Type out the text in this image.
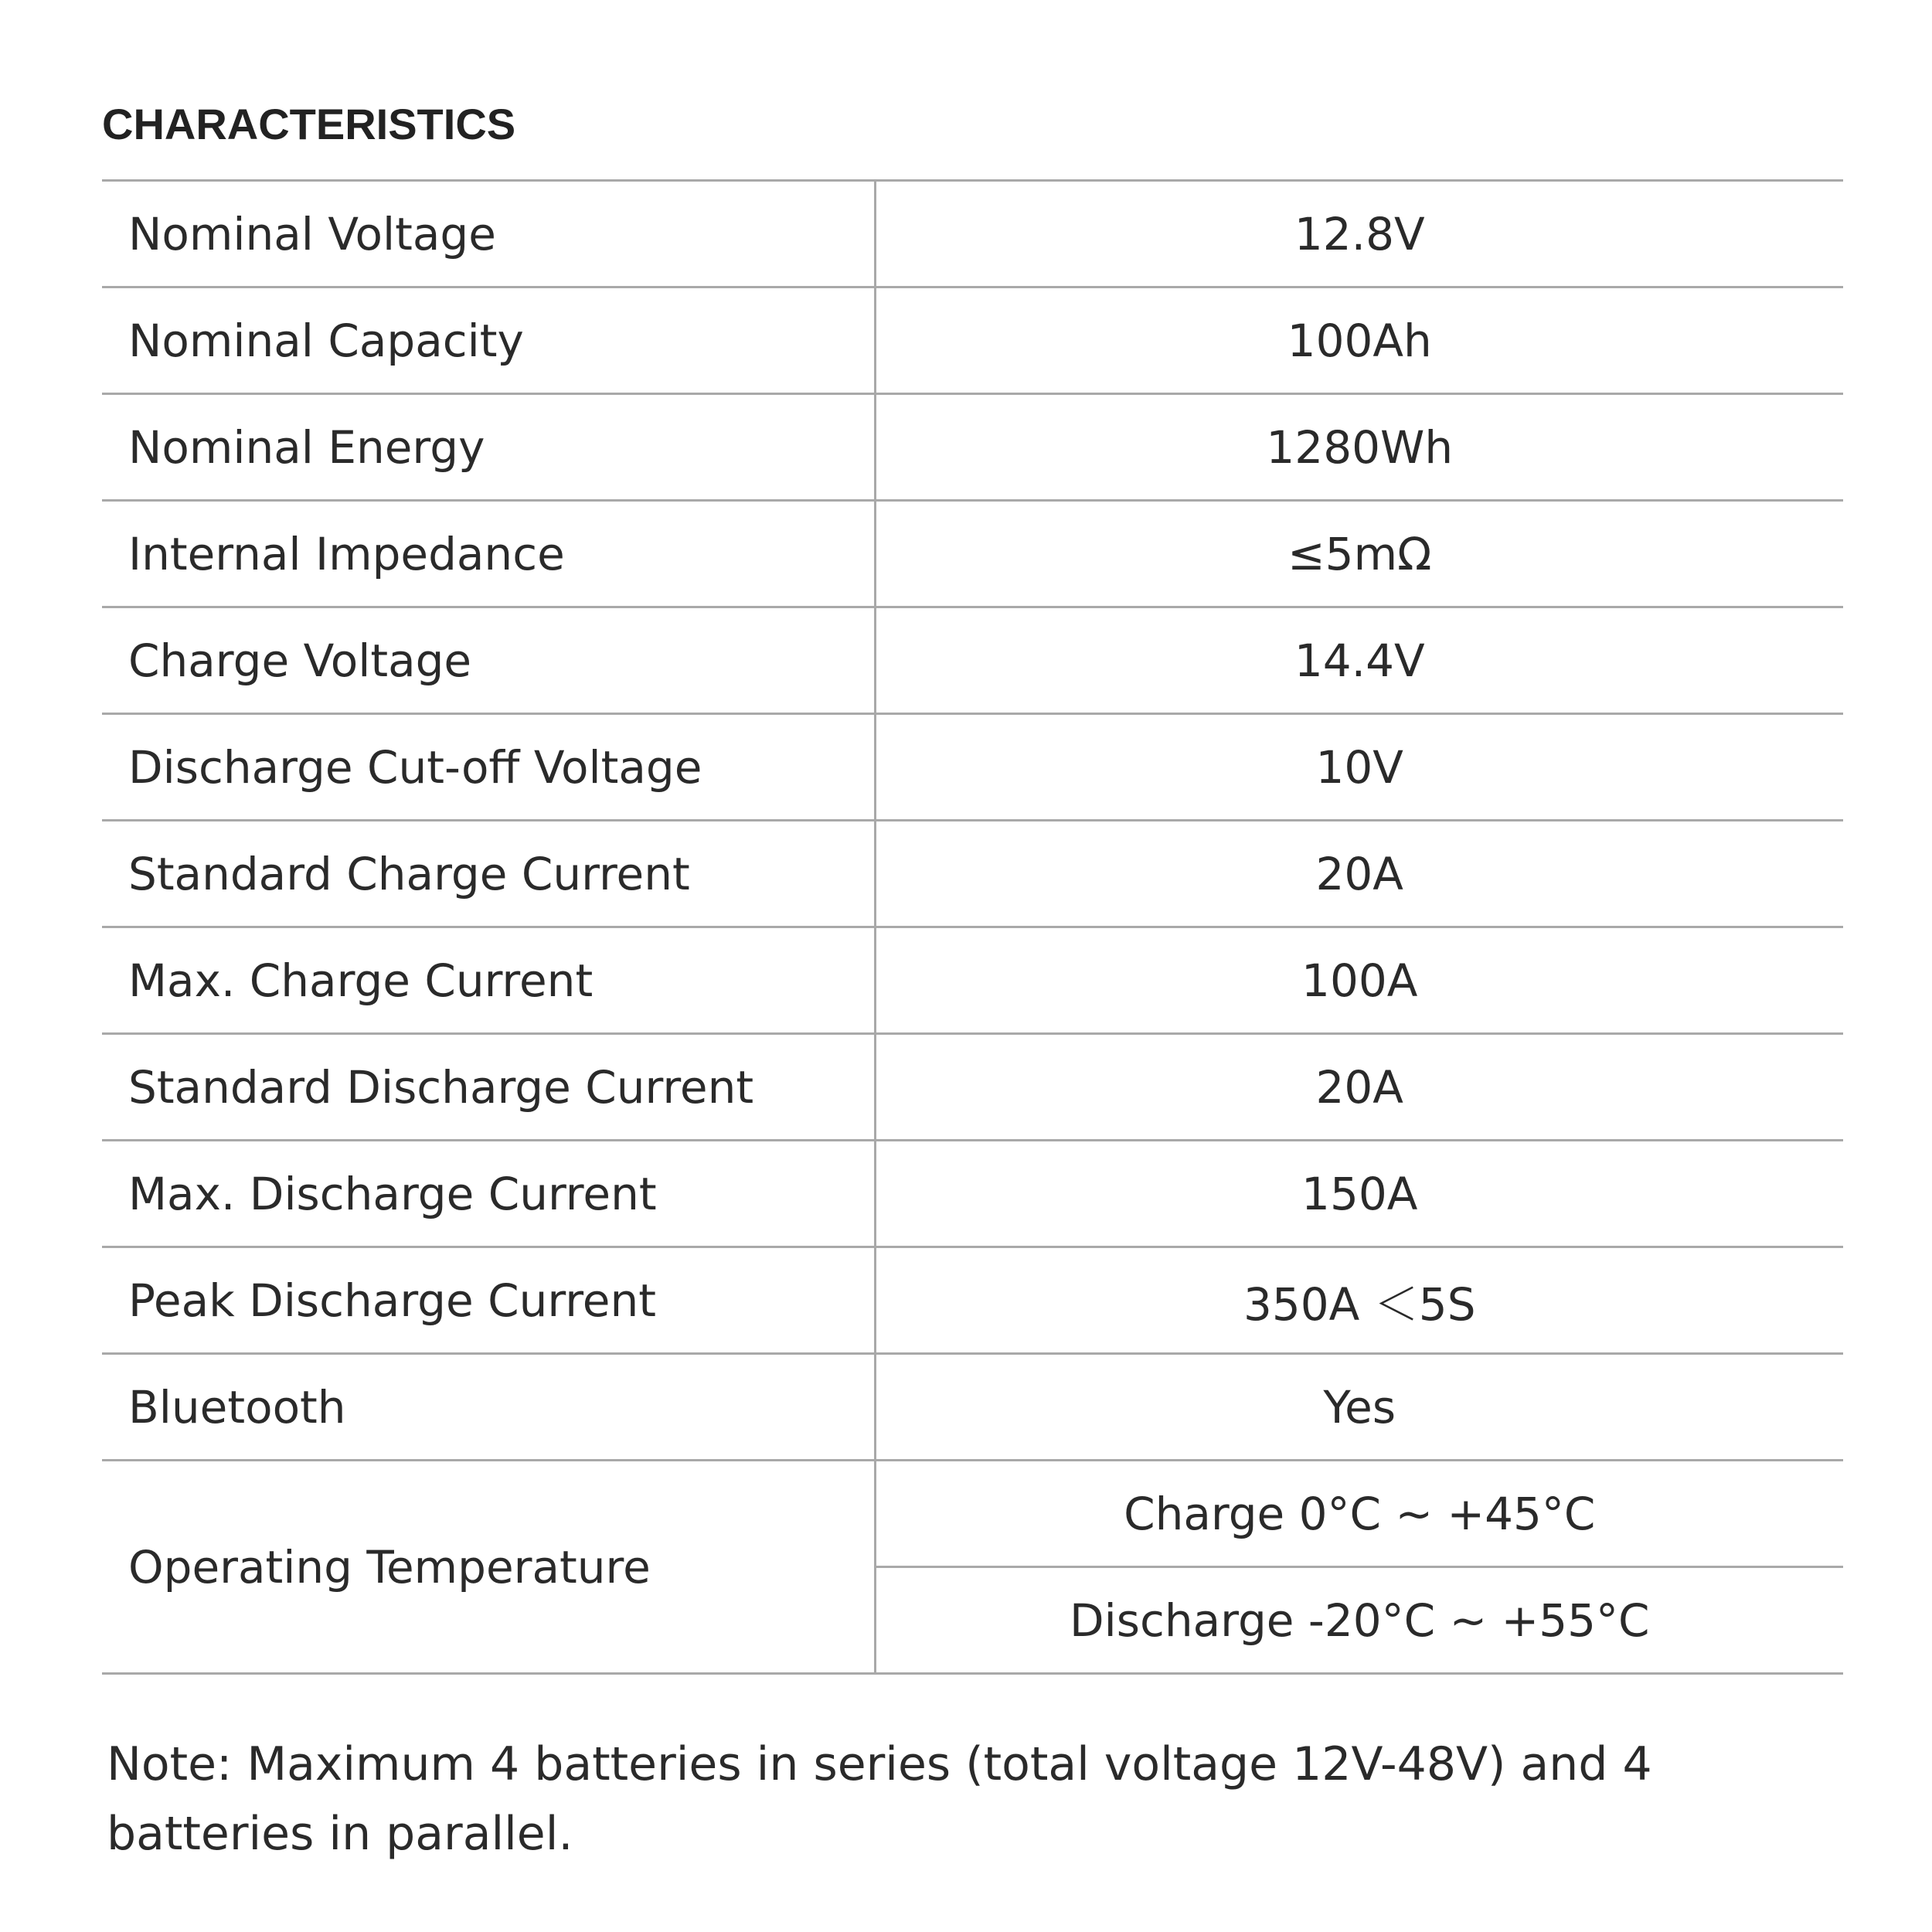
CHARACTERISTICS
Nominal Voltage	12.8V
Nominal Capacity	100Ah
Nominal Energy	1280Wh
Internal Impedance	≤5mΩ
Charge Voltage	14.4V
Discharge Cut-off Voltage	10V
Standard Charge Current	20A
Max. Charge Current	100A
Standard Discharge Current	20A
Max. Discharge Current	150A
Peak Discharge Current	350A ＜5S
Bluetooth	Yes
Operating Temperature	Charge 0°C ~ +45°C
	Discharge -20°C ~ +55°C
Note: Maximum 4 batteries in series (total voltage 12V-48V) and 4 batteries in parallel.
